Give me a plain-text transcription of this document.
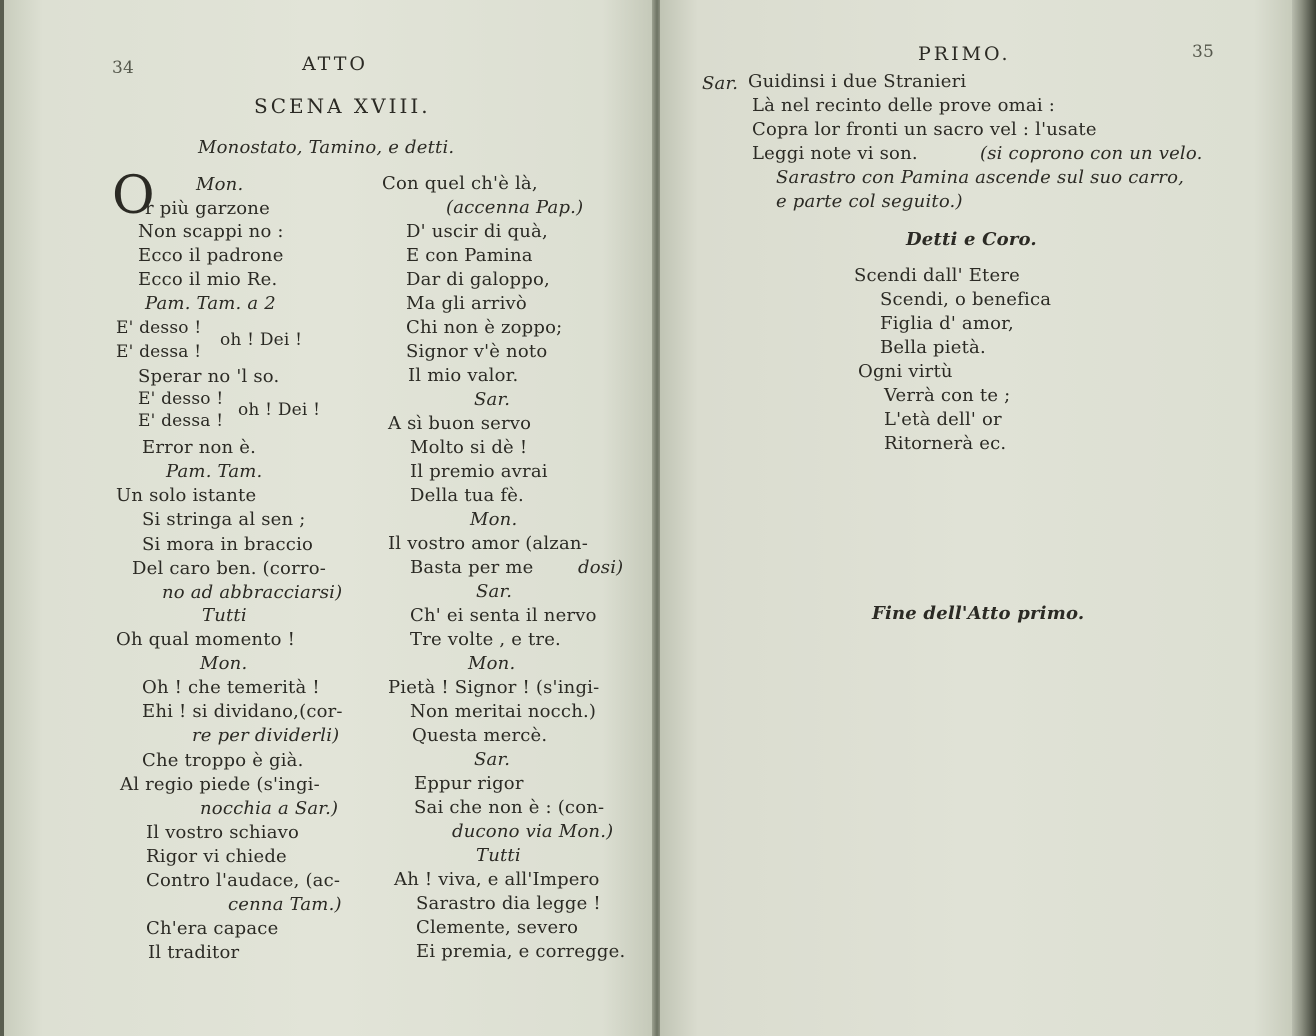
34	ATTO
SCENA XVIII.
Monostato, Tamino, e detti.
O Mon.
r più garzone
Non scappi no :
Ecco il padrone
Ecco il mio Re.
Pam. Tam. a 2
E' desso !
E' dessa !
oh ! Dei !
Sperar no 'l so.
E' desso !
E' dessa !
oh ! Dei !
Error non è.
Pam. Tam.
Un solo istante
Si stringa al sen ;
Si mora in braccio
Del caro ben. (corro-
no ad abbracciarsi)
Tutti
Oh qual momento !
Mon.
Oh ! che temerità !
Ehi ! si dividano,(cor-
re per dividerli)
Che troppo è già.
Al regio piede (s'ingi-
nocchia a Sar.)
Il vostro schiavo
Rigor vi chiede
Contro l'audace, (ac-
cenna Tam.)
Ch'era capace
Il traditor
Con quel ch'è là,
(accenna Pap.)
D' uscir di quà,
E con Pamina
Dar di galoppo,
Ma gli arrivò
Chi non è zoppo;
Signor v'è noto
Il mio valor.
Sar.
A sì buon servo
Molto si dè !
Il premio avrai
Della tua fè.
Mon.
Il vostro amor (alzan-
Basta per me dosi)
Sar.
Ch' ei senta il nervo
Tre volte , e tre.
Mon.
Pietà ! Signor ! (s'ingi-
Non meritai nocch.)
Questa mercè.
Sar.
Eppur rigor
Sai che non è : (con-
ducono via Mon.)
Tutti
Ah ! viva, e all'Impero
Sarastro dia legge !
Clemente, severo
Ei premia, e corregge.
PRIMO.	35
Sar. Guidinsi i due Stranieri
Là nel recinto delle prove omai :
Copra lor fronti un sacro vel : l'usate
Leggi note vi son.	(si coprono con un velo.
Sarastro con Pamina ascende sul suo carro,
e parte col seguito.)
Detti e Coro.
Scendi dall' Etere
Scendi, o benefica
Figlia d' amor,
Bella pietà.
Ogni virtù
Verrà con te ;
L'età dell' or
Ritornerà ec.
Fine dell'Atto primo.
